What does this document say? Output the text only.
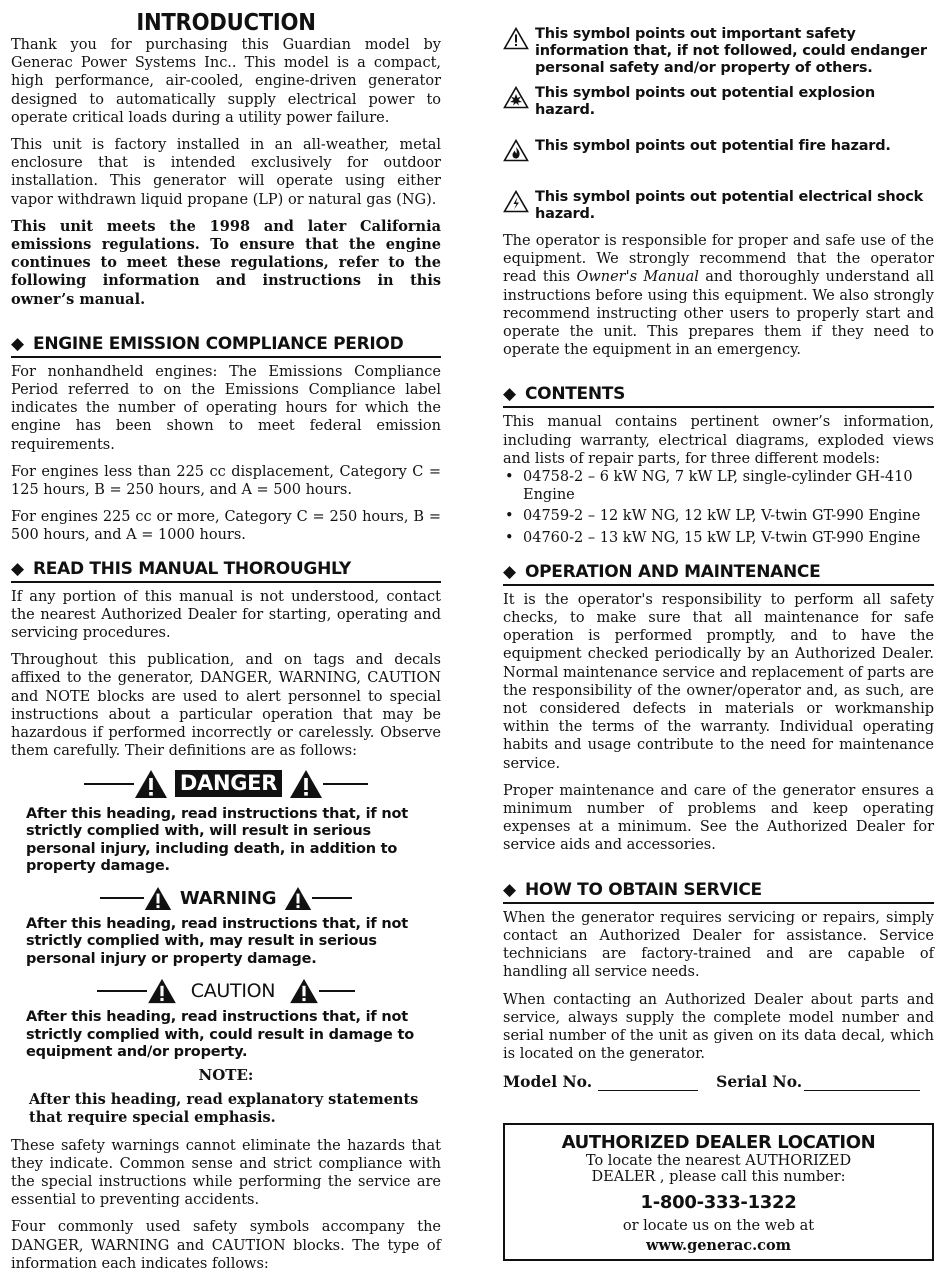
INTRODUCTION

Thank you for purchasing this Guardian model by Generac Power Systems Inc.. This model is a compact, high performance, air-cooled, engine-driven generator designed to automatically supply electrical power to operate critical loads during a utility power failure.

This unit is factory installed in an all-weather, metal enclosure that is intended exclusively for outdoor installation. This generator will operate using either vapor withdrawn liquid propane (LP) or natural gas (NG).

This unit meets the 1998 and later California emissions regulations. To ensure that the engine continues to meet these regulations, refer to the following information and instructions in this owner’s manual.

◆ ENGINE EMISSION COMPLIANCE PERIOD

For nonhandheld engines: The Emissions Compliance Period referred to on the Emissions Compliance label indicates the number of operating hours for which the engine has been shown to meet federal emission requirements.

For engines less than 225 cc displacement, Category C = 125 hours, B = 250 hours, and A = 500 hours.

For engines 225 cc or more, Category C = 250 hours, B = 500 hours, and A = 1000 hours.

◆ READ THIS MANUAL THOROUGHLY

If any portion of this manual is not understood, contact the nearest Authorized Dealer for starting, operating and servicing procedures.

Throughout this publication, and on tags and decals affixed to the generator, DANGER, WARNING, CAUTION and NOTE blocks are used to alert personnel to special instructions about a particular operation that may be hazardous if performed incorrectly or carelessly. Observe them carefully. Their definitions are as follows:

DANGER
After this heading, read instructions that, if not strictly complied with, will result in serious personal injury, including death, in addition to property damage.
WARNING
After this heading, read instructions that, if not strictly complied with, may result in serious personal injury or property damage.
CAUTION
After this heading, read instructions that, if not strictly complied with, could result in damage to equipment and/or property.
NOTE:
After this heading, read explanatory statements that require special emphasis.

These safety warnings cannot eliminate the hazards that they indicate. Common sense and strict compliance with the special instructions while performing the service are essential to preventing accidents.

Four commonly used safety symbols accompany the DANGER, WARNING and CAUTION blocks. The type of information each indicates follows:

This symbol points out important safety information that, if not followed, could endanger personal safety and/or property of others.
This symbol points out potential explosion hazard.
This symbol points out potential fire hazard.
This symbol points out potential electrical shock hazard.

The operator is responsible for proper and safe use of the equipment. We strongly recommend that the operator read this Owner's Manual and thoroughly understand all instructions before using this equipment. We also strongly recommend instructing other users to properly start and operate the unit. This prepares them if they need to operate the equipment in an emergency.

◆ CONTENTS

This manual contains pertinent owner’s information, including warranty, electrical diagrams, exploded views and lists of repair parts, for three different models:

• 04758-2 – 6 kW NG, 7 kW LP, single-cylinder GH-410 Engine
• 04759-2 – 12 kW NG, 12 kW LP, V-twin GT-990 Engine
• 04760-2 – 13 kW NG, 15 kW LP, V-twin GT-990 Engine
◆ OPERATION AND MAINTENANCE

It is the operator's responsibility to perform all safety checks, to make sure that all maintenance for safe operation is performed promptly, and to have the equipment checked periodically by an Authorized Dealer. Normal maintenance service and replacement of parts are the responsibility of the owner/operator and, as such, are not considered defects in materials or workmanship within the terms of the warranty. Individual operating habits and usage contribute to the need for maintenance service.

Proper maintenance and care of the generator ensures a minimum number of problems and keep operating expenses at a minimum. See the Authorized Dealer for service aids and accessories.

◆ HOW TO OBTAIN SERVICE

When the generator requires servicing or repairs, simply contact an Authorized Dealer for assistance. Service technicians are factory-trained and are capable of handling all service needs.

When contacting an Authorized Dealer about parts and service, always supply the complete model number and serial number of the unit as given on its data decal, which is located on the generator.

Model No.	Serial No.
AUTHORIZED DEALER LOCATION
To locate the nearest AUTHORIZED
DEALER , please call this number:
1-800-333-1322
or locate us on the web at
www.generac.com
